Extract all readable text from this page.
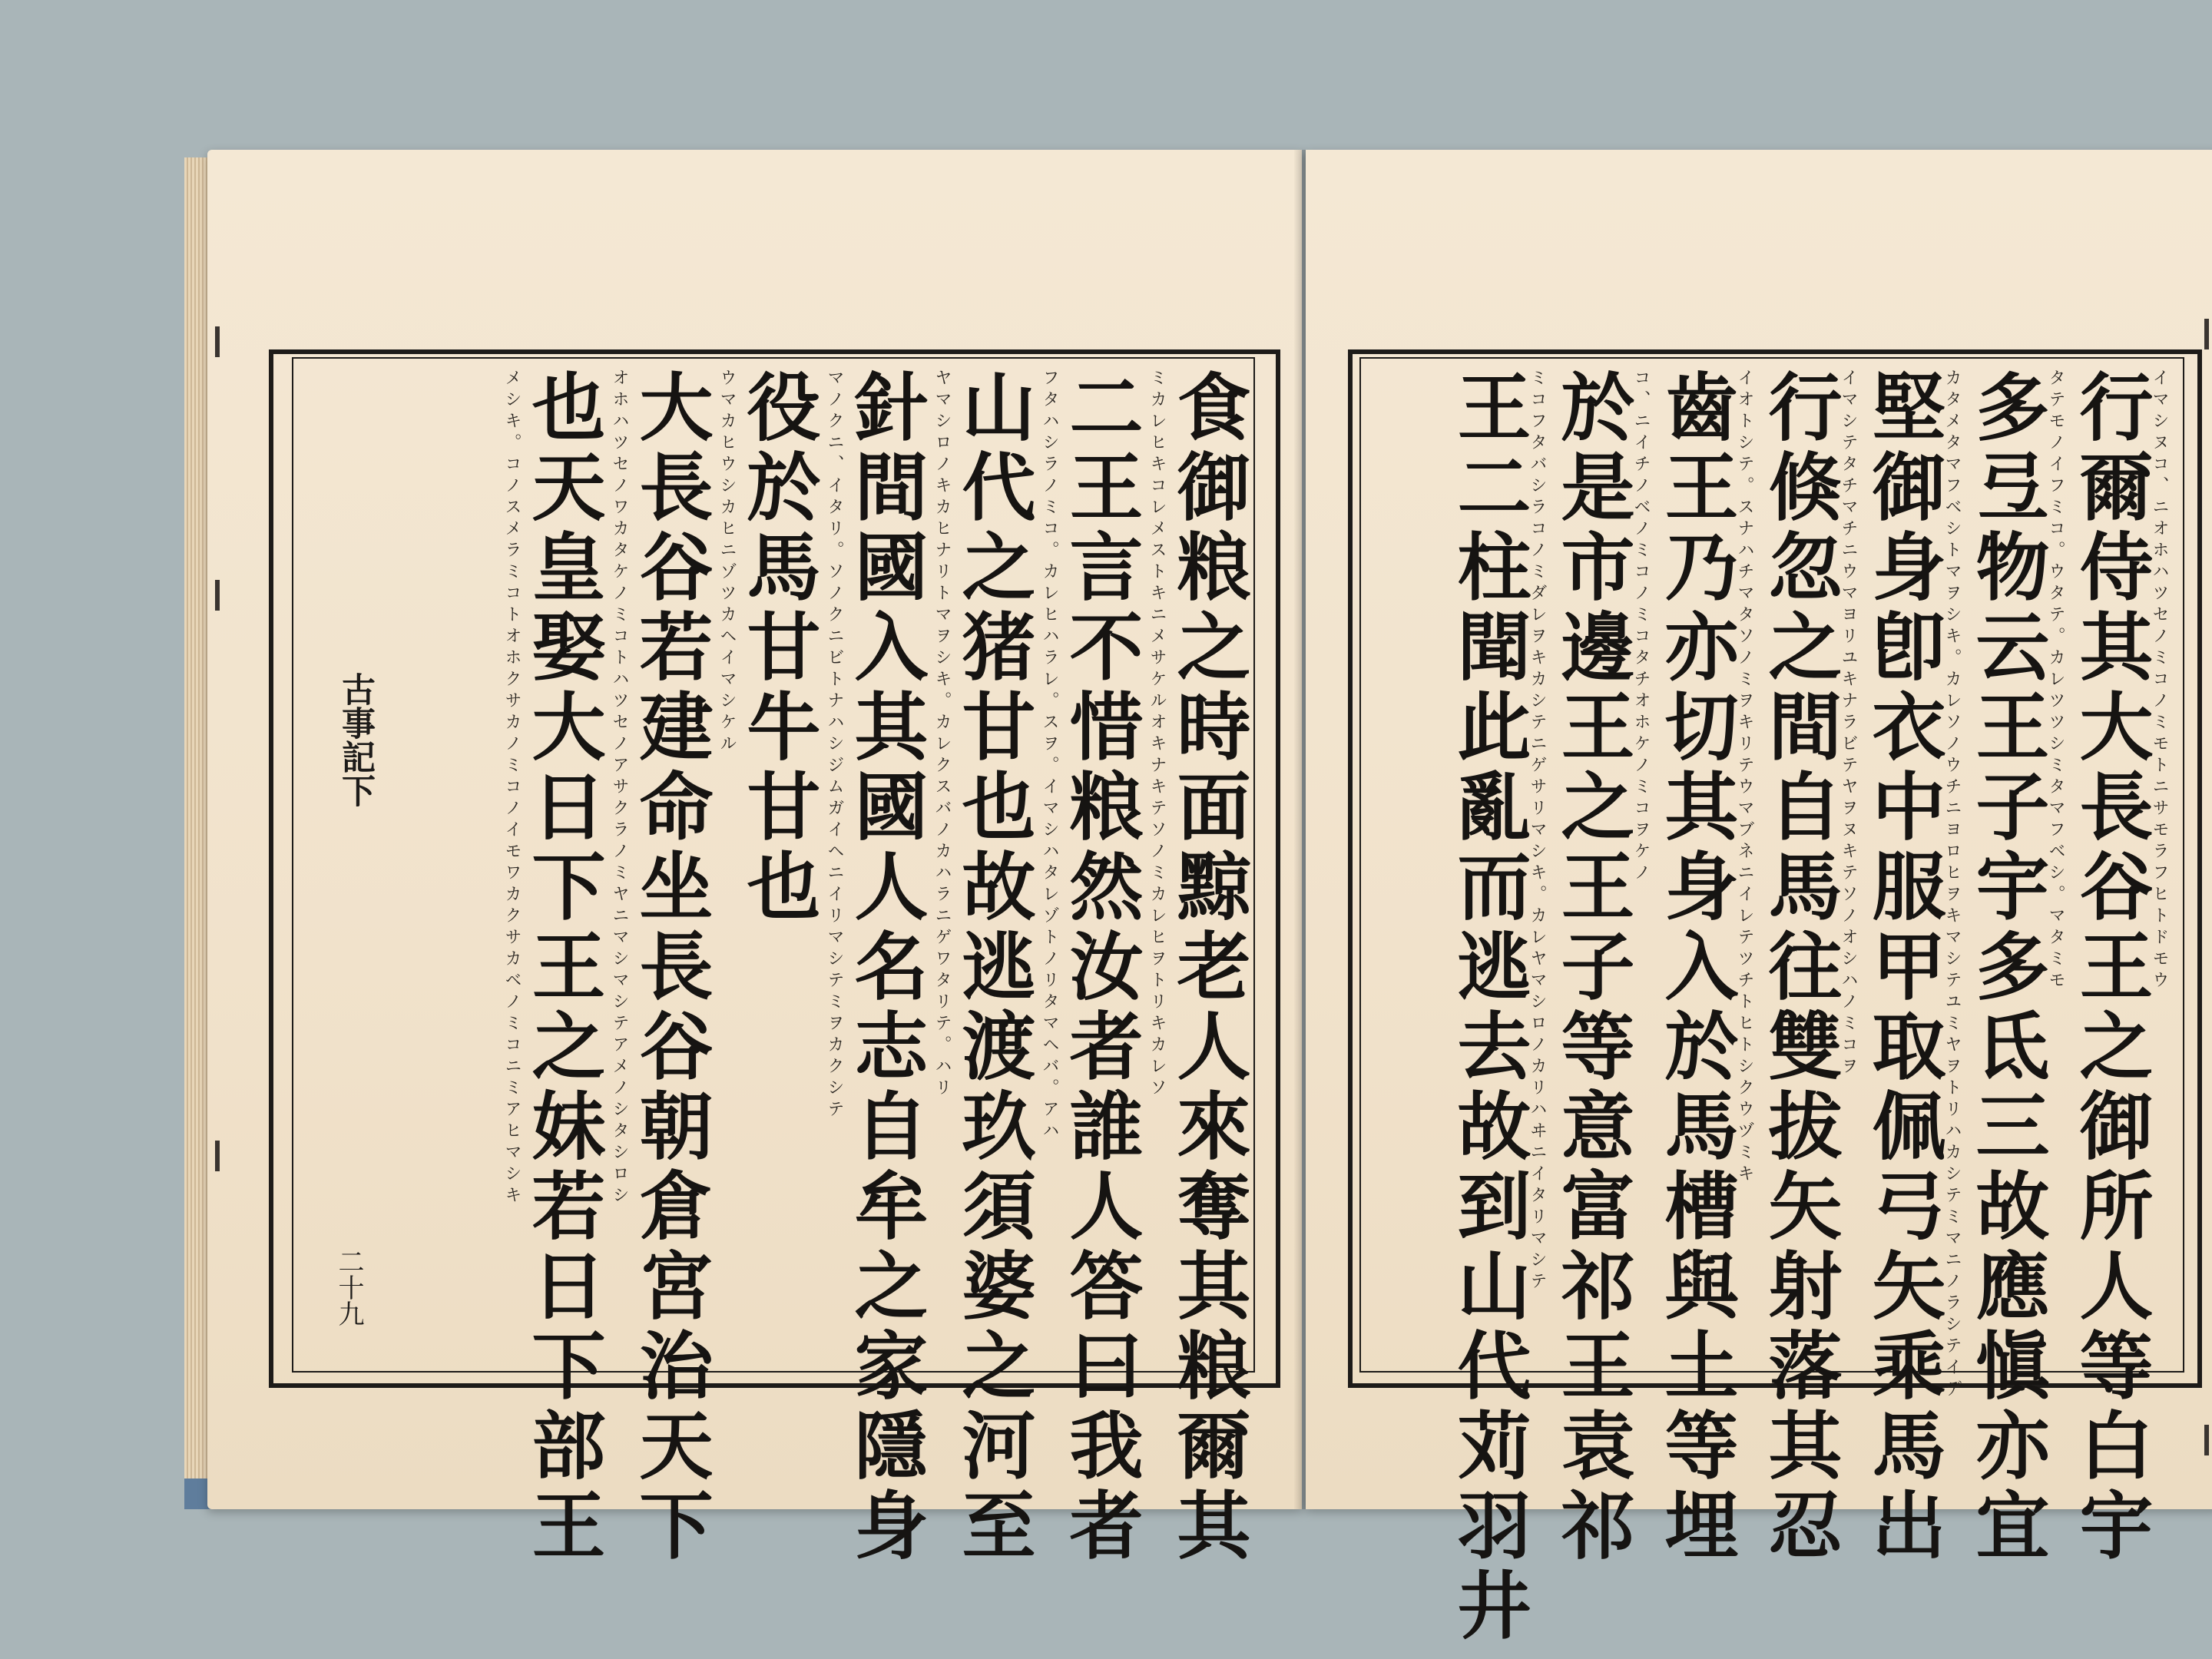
古事記下
二十九	食御粮之時面黥老人來奪其粮爾其
ミカレヒキコレメストキニメサケルオキナキテソノミカレヒヲトリキカレソ
二王言不惜粮然汝者誰人答曰我者
フタハシラノミコ。カレヒハラレ。スヲ。イマシハタレゾトノリタマヘバ。アハ
山代之猪甘也故逃渡玖須婆之河至
ヤマシロノキカヒナリトマヲシキ。カレクスバノカハラニゲワタリテ。ハリ
針間國入其國人名志自牟之家隱身
マノクニ、イタリ。ソノクニビトナハシジムガイヘニイリマシテミヲカクシテ
役於馬甘牛甘也
ウマカヒウシカヒニゾツカヘイマシケル
大長谷若建命坐長谷朝倉宮治天下
オホハツセノワカタケノミコトハツセノアサクラノミヤニマシマシテアメノシタシロシ
也天皇娶大日下王之妹若日下部王
メシキ。コノスメラミコトオホクサカノミコノイモワカクサカベノミコニミアヒマシキ	行爾侍其大長谷王之御所人等白宇
イマシヌコ、ニオホハツセノミコノミモトニサモラフヒトドモウ
多弖物云王子宇多氐三故應愼亦宜
タテモノイフミコ。ウタテ。カレツツシミタマフベシ。マタミモ
堅御身卽衣中服甲取佩弓矢乘馬出
カタメタマフベシトマヲシキ。カレソノウチニヨロヒヲキマシテユミヤヲトリハカシテミマニノラシテイデ
行倏忽之間自馬往雙拔矢射落其忍
イマシテタチマチニウマヨリユキナラビテヤヲヌキテソノオシハノミコヲ
齒王乃亦切其身入於馬槽與土等埋
イオトシテ。スナハチマタソノミヲキリテウマブネニイレテツチトヒトシクウヅミキ
於是市邊王之王子等意富祁王袁祁
コ、ニイチノベノミコノミコタチオホケノミコヲケノ
王二柱聞此亂而逃去故到山代苅羽井
ミコフタバシラコノミダレヲキカシテニゲサリマシキ。カレヤマシロノカリハヰニイタリマシテ
